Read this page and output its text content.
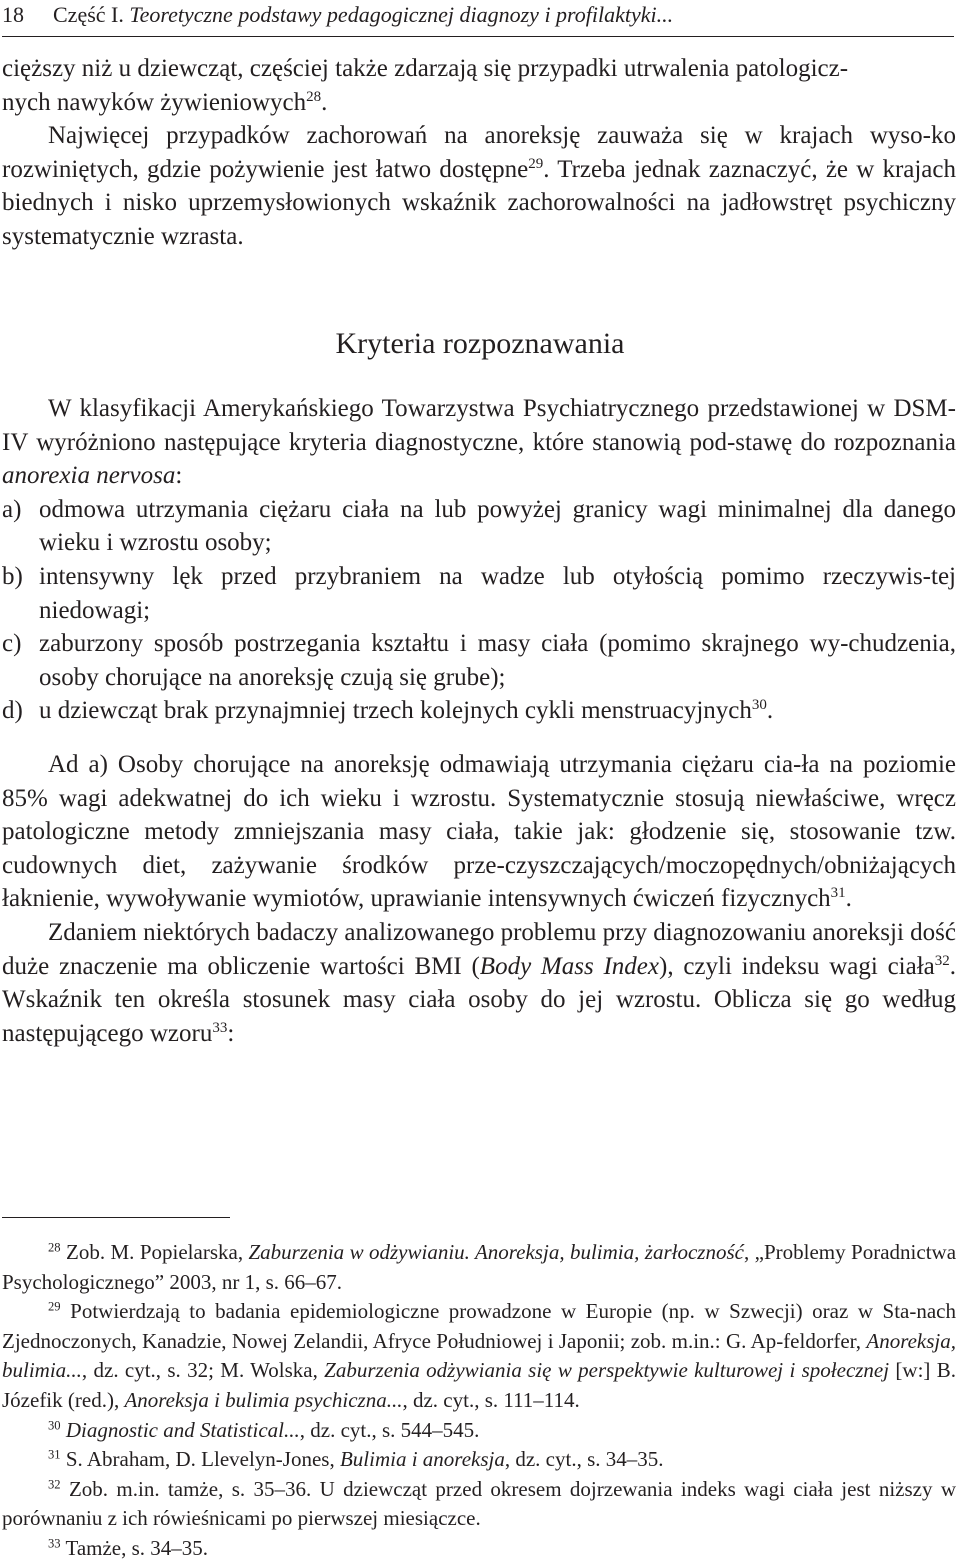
18 Część I. Teoretyczne podstawy pedagogicznej diagnozy i profilaktyki...

cięższy niż u dziewcząt, częściej także zdarzają się przypadki utrwalenia patologicz-
nych nawyków żywieniowych$^{28}$.

Najwięcej przypadków zachorowań na anoreksję zauważa się w krajach wyso-ko rozwiniętych, gdzie pożywienie jest łatwo dostępne$^{29}$. Trzeba jednak zaznaczyć, że w krajach biednych i nisko uprzemysłowionych wskaźnik zachorowalności na jadłowstręt psychiczny systematycznie wzrasta.

Kryteria rozpoznawania

W klasyfikacji Amerykańskiego Towarzystwa Psychiatrycznego przedstawionej w DSM-IV wyróżniono następujące kryteria diagnostyczne, które stanowią pod-stawę do rozpoznania anorexia nervosa:

a) odmowa utrzymania ciężaru ciała na lub powyżej granicy wagi minimalnej dla danego wieku i wzrostu osoby;
b) intensywny lęk przed przybraniem na wadze lub otyłością pomimo rzeczywis-tej niedowagi;
c) zaburzony sposób postrzegania kształtu i masy ciała (pomimo skrajnego wy-chudzenia, osoby chorujące na anoreksję czują się grube);
d) u dziewcząt brak przynajmniej trzech kolejnych cykli menstruacyjnych$^{30}$.

Ad a) Osoby chorujące na anoreksję odmawiają utrzymania ciężaru cia-ła na poziomie 85% wagi adekwatnej do ich wieku i wzrostu. Systematycznie stosują niewłaściwe, wręcz patologiczne metody zmniejszania masy ciała, takie jak: głodzenie się, stosowanie tzw. cudownych diet, zażywanie środków prze-czyszczających/moczopędnych/obniżających łaknienie, wywoływanie wymiotów, uprawianie intensywnych ćwiczeń fizycznych$^{31}$.

Zdaniem niektórych badaczy analizowanego problemu przy diagnozowaniu anoreksji dość duże znaczenie ma obliczenie wartości BMI (Body Mass Index), czyli indeksu wagi ciała$^{32}$. Wskaźnik ten określa stosunek masy ciała osoby do jej wzrostu. Oblicza się go według następującego wzoru$^{33}$:

$^{28}$ Zob. M. Popielarska, Zaburzenia w odżywianiu. Anoreksja, bulimia, żarłoczność, „Problemy Poradnictwa Psychologicznego” 2003, nr 1, s. 66–67.

$^{29}$ Potwierdzają to badania epidemiologiczne prowadzone w Europie (np. w Szwecji) oraz w Sta-nach Zjednoczonych, Kanadzie, Nowej Zelandii, Afryce Południowej i Japonii; zob. m.in.: G. Ap-feldorfer, Anoreksja, bulimia..., dz. cyt., s. 32; M. Wolska, Zaburzenia odżywiania się w perspektywie kulturowej i społecznej [w:] B. Józefik (red.), Anoreksja i bulimia psychiczna..., dz. cyt., s. 111–114.

$^{30}$ Diagnostic and Statistical..., dz. cyt., s. 544–545.

$^{31}$ S. Abraham, D. Llevelyn-Jones, Bulimia i anoreksja, dz. cyt., s. 34–35.

$^{32}$ Zob. m.in. tamże, s. 35–36. U dziewcząt przed okresem dojrzewania indeks wagi ciała jest niższy w porównaniu z ich rówieśnicami po pierwszej miesiączce.

$^{33}$ Tamże, s. 34–35.
